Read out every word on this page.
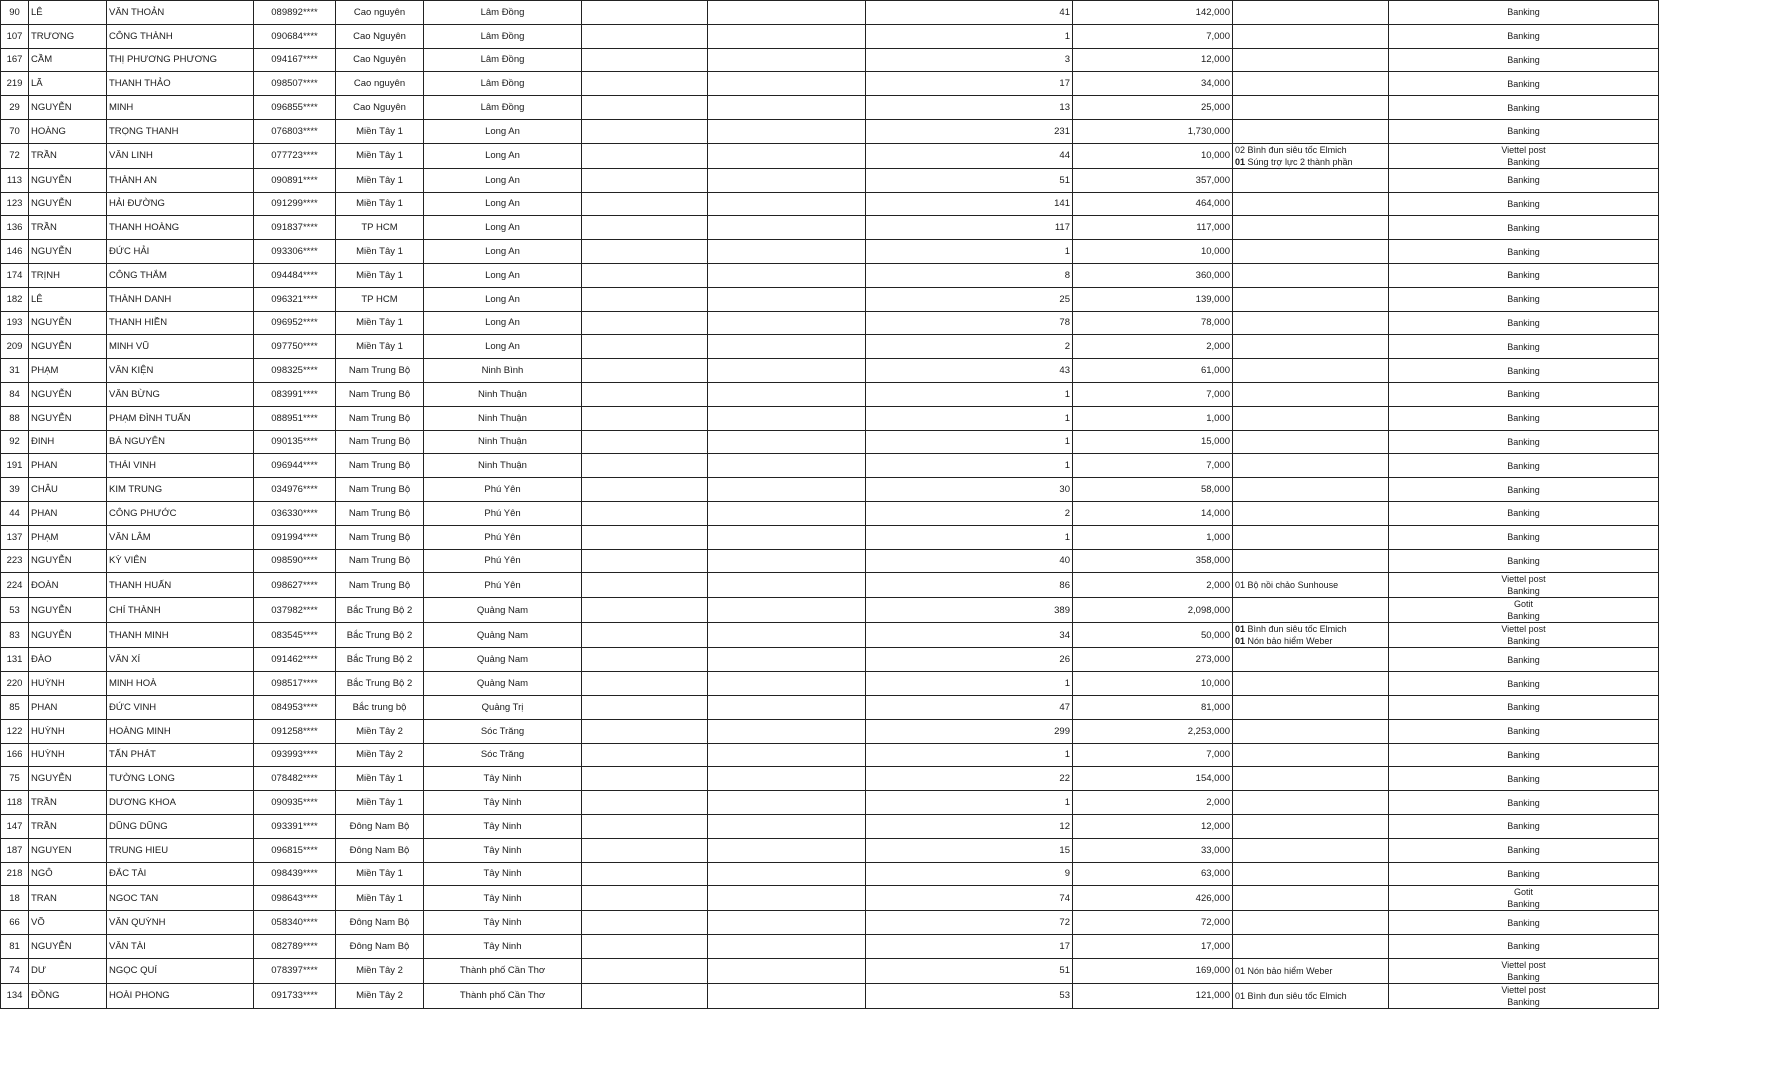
90	LÊ	VĂN THOẢN	089892****	Cao nguyên	Lâm Đồng			41	142,000		Banking

107	TRƯƠNG	CÔNG THÀNH	090684****	Cao Nguyên	Lâm Đồng			1	7,000		Banking

167	CẦM	THỊ PHƯƠNG PHƯƠNG	094167****	Cao Nguyên	Lâm Đồng			3	12,000		Banking

219	LÃ	THANH THẢO	098507****	Cao nguyên	Lâm Đồng			17	34,000		Banking

29	NGUYỄN	MINH	096855****	Cao Nguyên	Lâm Đồng			13	25,000		Banking

70	HOÀNG	TRỌNG THANH	076803****	Miền Tây 1	Long An			231	1,730,000		Banking

72	TRẦN	VĂN LINH	077723****	Miền Tây 1	Long An			44	10,000	02 Bình đun siêu tốc Elmich
01 Súng trợ lực 2 thành phần	Viettel post
Banking

113	NGUYỄN	THÀNH AN	090891****	Miền Tây 1	Long An			51	357,000		Banking

123	NGUYỄN	HẢI ĐƯỜNG	091299****	Miền Tây 1	Long An			141	464,000		Banking

136	TRẦN	THANH HOÀNG	091837****	TP HCM	Long An			117	117,000		Banking

146	NGUYỄN	ĐỨC HẢI	093306****	Miền Tây 1	Long An			1	10,000		Banking

174	TRỊNH	CÔNG THẮM	094484****	Miền Tây 1	Long An			8	360,000		Banking

182	LÊ	THÀNH DANH	096321****	TP HCM	Long An			25	139,000		Banking

193	NGUYỄN	THANH HIỀN	096952****	Miền Tây 1	Long An			78	78,000		Banking

209	NGUYỄN	MINH VŨ	097750****	Miền Tây 1	Long An			2	2,000		Banking

31	PHẠM	VĂN KIỆN	098325****	Nam Trung Bộ	Ninh Bình			43	61,000		Banking

84	NGUYỄN	VĂN BỪNG	083991****	Nam Trung Bộ	Ninh Thuận			1	7,000		Banking

88	NGUYỄN	PHẠM ĐÌNH TUẤN	088951****	Nam Trung Bộ	Ninh Thuận			1	1,000		Banking

92	ĐINH	BÁ NGUYÊN	090135****	Nam Trung Bộ	Ninh Thuận			1	15,000		Banking

191	PHAN	THÁI VINH	096944****	Nam Trung Bộ	Ninh Thuận			1	7,000		Banking

39	CHÂU	KIM TRUNG	034976****	Nam Trung Bộ	Phú Yên			30	58,000		Banking

44	PHAN	CÔNG PHƯỚC	036330****	Nam Trung Bộ	Phú Yên			2	14,000		Banking

137	PHẠM	VĂN LÂM	091994****	Nam Trung Bộ	Phú Yên			1	1,000		Banking

223	NGUYỄN	KỲ VIÊN	098590****	Nam Trung Bộ	Phú Yên			40	358,000		Banking

224	ĐOÀN	THANH HUẤN	098627****	Nam Trung Bộ	Phú Yên			86	2,000	01 Bộ nồi chảo Sunhouse	Viettel post
Banking

53	NGUYỄN	CHÍ THÀNH	037982****	Bắc Trung Bộ 2	Quảng Nam			389	2,098,000		Gotit
Banking

83	NGUYỄN	THANH MINH	083545****	Bắc Trung Bộ 2	Quảng Nam			34	50,000	01 Bình đun siêu tốc Elmich
01 Nón bảo hiểm Weber	Viettel post
Banking

131	ĐÀO	VĂN XÍ	091462****	Bắc Trung Bộ 2	Quảng Nam			26	273,000		Banking

220	HUỲNH	MINH HOÀ	098517****	Bắc Trung Bộ 2	Quảng Nam			1	10,000		Banking

85	PHAN	ĐỨC VINH	084953****	Bắc trung bộ	Quảng Trị			47	81,000		Banking

122	HUỲNH	HOÀNG MINH	091258****	Miền Tây 2	Sóc Trăng			299	2,253,000		Banking

166	HUỲNH	TẤN PHÁT	093993****	Miền Tây 2	Sóc Trăng			1	7,000		Banking

75	NGUYỄN	TƯỜNG LONG	078482****	Miền Tây 1	Tây Ninh			22	154,000		Banking

118	TRẦN	DƯƠNG KHOA	090935****	Miền Tây 1	Tây Ninh			1	2,000		Banking

147	TRẦN	DŨNG DŨNG	093391****	Đông Nam Bộ	Tây Ninh			12	12,000		Banking

187	NGUYEN	TRUNG HIEU	096815****	Đông Nam Bộ	Tây Ninh			15	33,000		Banking

218	NGÔ	ĐẮC TÀI	098439****	Miền Tây 1	Tây Ninh			9	63,000		Banking

18	TRAN	NGOC TAN	098643****	Miền Tây 1	Tây Ninh			74	426,000		Gotit
Banking

66	VÕ	VĂN QUỲNH	058340****	Đông Nam Bộ	Tây Ninh			72	72,000		Banking

81	NGUYỄN	VĂN TÀI	082789****	Đông Nam Bộ	Tây Ninh			17	17,000		Banking

74	DƯ	NGỌC QUÍ	078397****	Miền Tây 2	Thành phố Cần Thơ			51	169,000	01 Nón bảo hiểm Weber	Viettel post
Banking

134	ĐỒNG	HOÀI PHONG	091733****	Miền Tây 2	Thành phố Cần Thơ			53	121,000	01 Bình đun siêu tốc Elmich	Viettel post
Banking
